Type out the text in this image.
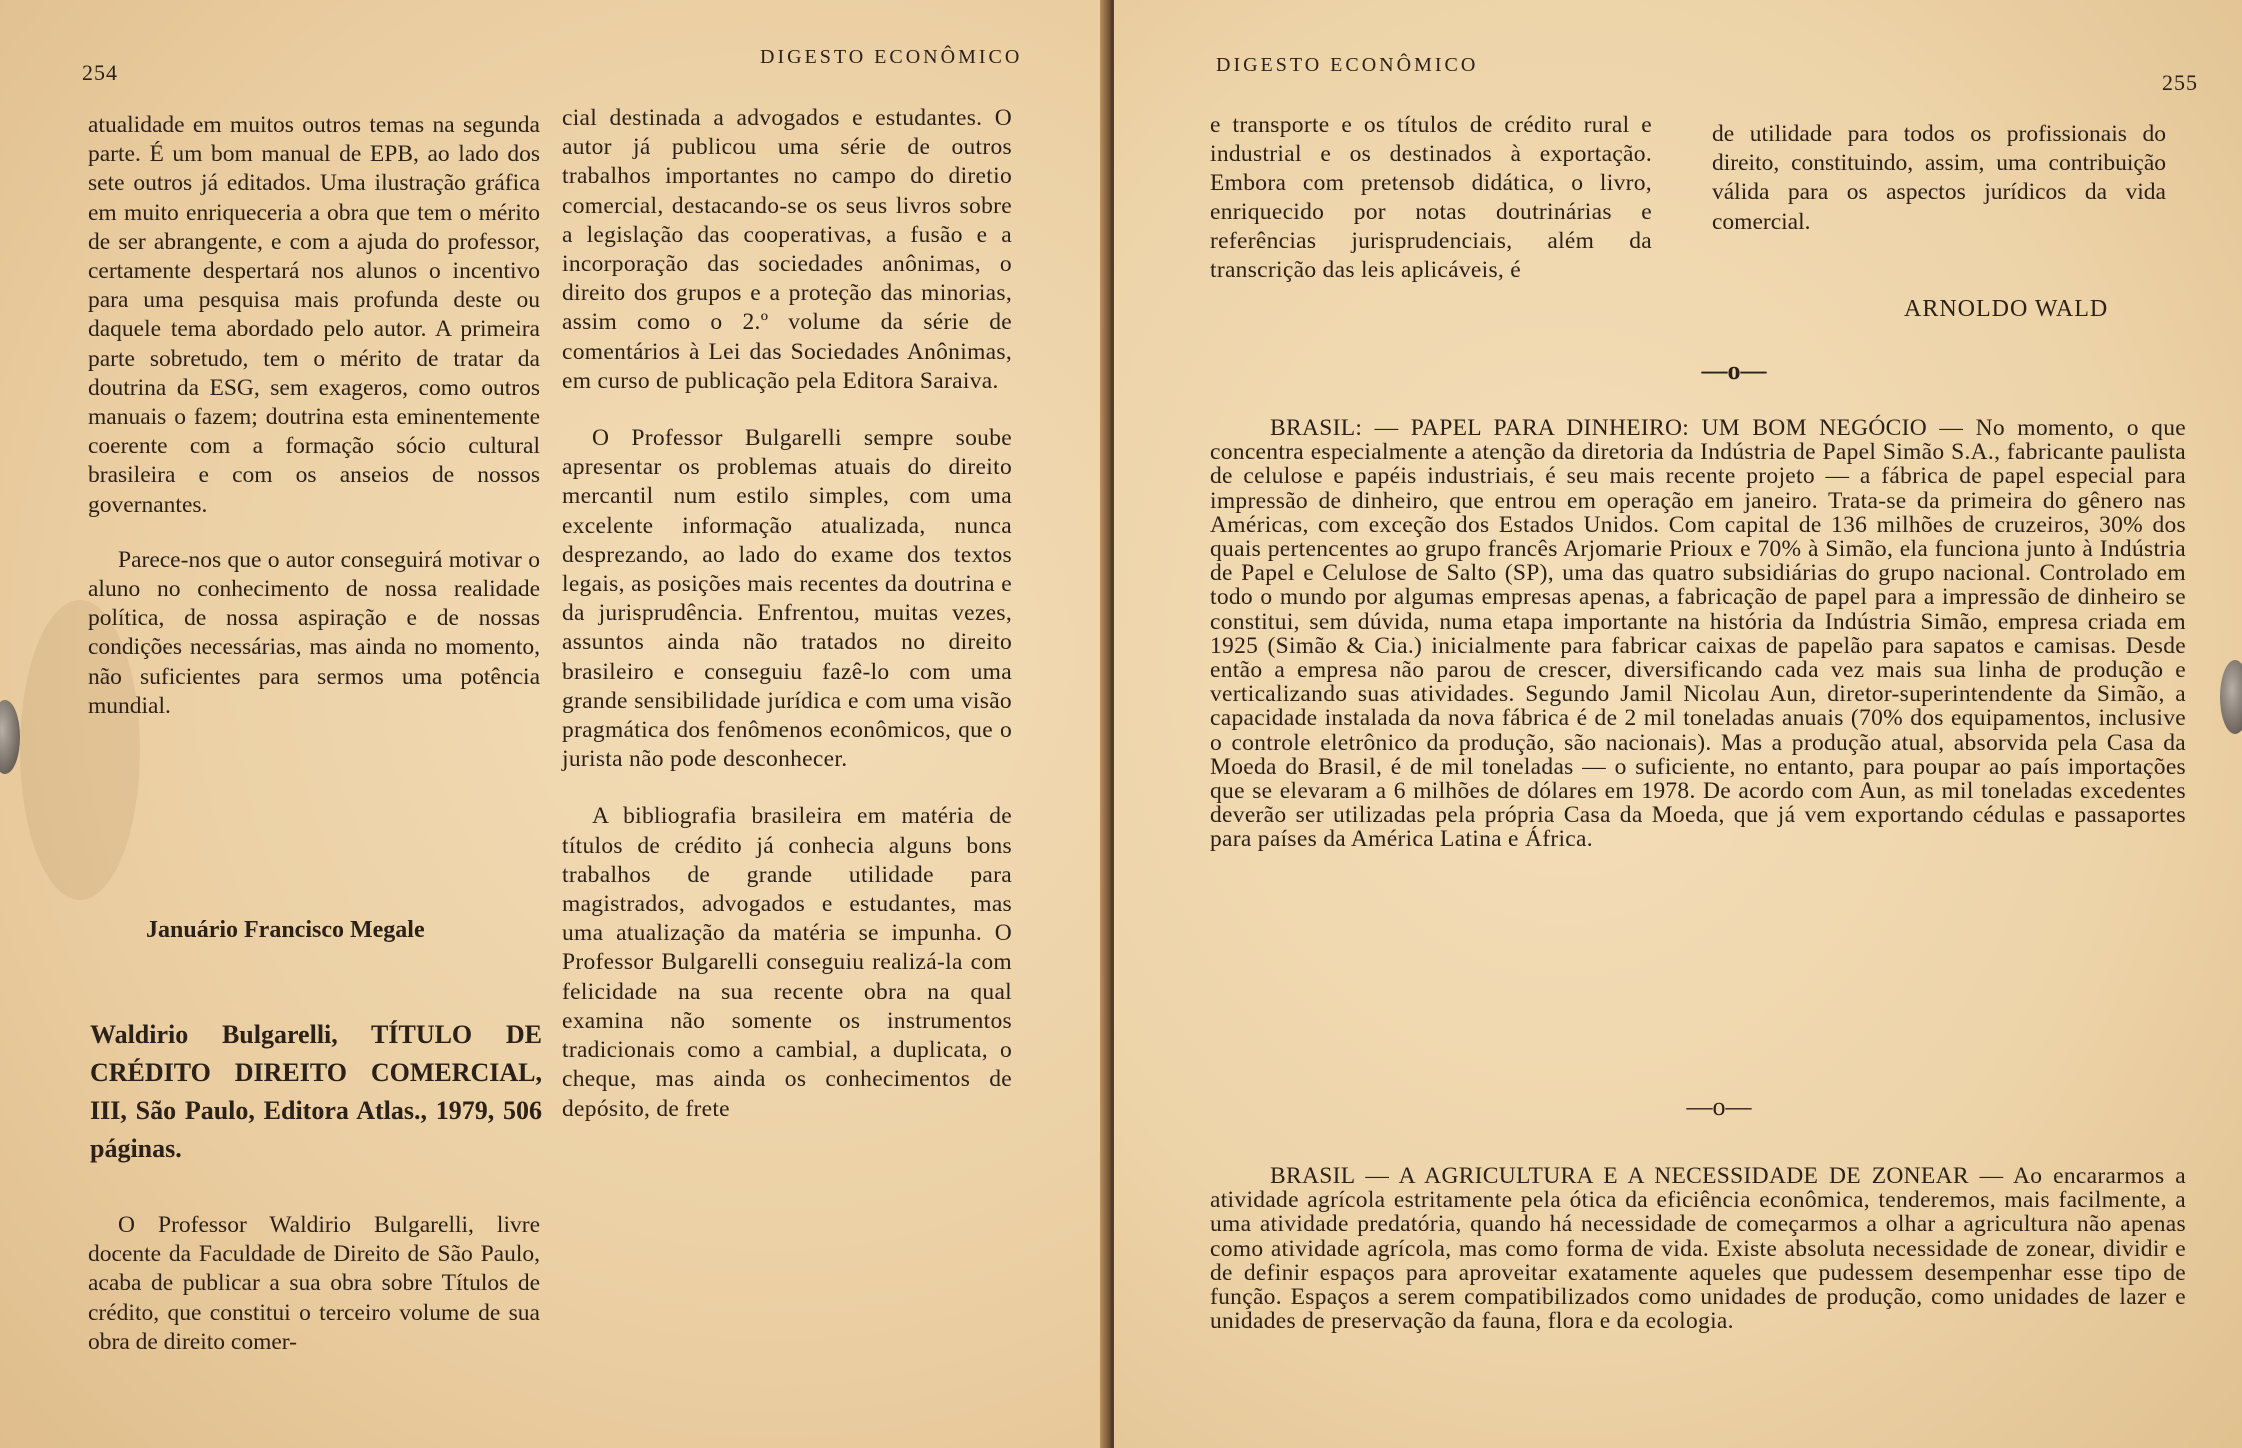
254
DIGESTO ECONÔMICO

atualidade em muitos outros temas na segunda parte. É um bom manual de EPB, ao lado dos sete outros já editados. Uma ilustração gráfica em muito enriqueceria a obra que tem o mérito de ser abrangente, e com a ajuda do professor, certamente despertará nos alunos o incentivo para uma pesquisa mais profunda deste ou daquele tema abordado pelo autor. A primeira parte sobretudo, tem o mérito de tratar da doutrina da ESG, sem exageros, como outros manuais o fazem; doutrina esta eminentemente coerente com a formação sócio cultural brasileira e com os anseios de nossos governantes.

Parece-nos que o autor conseguirá motivar o aluno no conhecimento de nossa realidade política, de nossa aspiração e de nossas condições necessárias, mas ainda no momento, não suficientes para sermos uma potência mundial.

Januário Francisco Megale
Waldirio Bulgarelli, TÍTULO DE CRÉDITO DIREITO COMERCIAL, III, São Paulo, Editora Atlas., 1979, 506 páginas.

O Professor Waldirio Bulgarelli, livre docente da Faculdade de Direito de São Paulo, acaba de publicar a sua obra sobre Títulos de crédito, que constitui o terceiro volume de sua obra de direito comer-

cial destinada a advogados e estudantes. O autor já publicou uma série de outros trabalhos importantes no campo do diretio comercial, destacando-se os seus livros sobre a legislação das cooperativas, a fusão e a incorporação das sociedades anônimas, o direito dos grupos e a proteção das minorias, assim como o 2.º volume da série de comentários à Lei das Sociedades Anônimas, em curso de publicação pela Editora Saraiva.

O Professor Bulgarelli sempre soube apresentar os problemas atuais do direito mercantil num estilo simples, com uma excelente informação atualizada, nunca desprezando, ao lado do exame dos textos legais, as posições mais recentes da doutrina e da jurisprudência. Enfrentou, muitas vezes, assuntos ainda não tratados no direito brasileiro e conseguiu fazê-lo com uma grande sensibilidade jurídica e com uma visão pragmática dos fenômenos econômicos, que o jurista não pode desconhecer.

A bibliografia brasileira em matéria de títulos de crédito já conhecia alguns bons trabalhos de grande utilidade para magistrados, advogados e estudantes, mas uma atualização da matéria se impunha. O Professor Bulgarelli conseguiu realizá-la com felicidade na sua recente obra na qual examina não somente os instrumentos tradicionais como a cambial, a duplicata, o cheque, mas ainda os conhecimentos de depósito, de frete

DIGESTO ECONÔMICO
255

e transporte e os títulos de crédito rural e industrial e os destinados à exportação. Embora com pretensob didática, o livro, enriquecido por notas doutrinárias e referências jurisprudenciais, além da transcrição das leis aplicáveis, é

de utilidade para todos os profissionais do direito, constituindo, assim, uma contribuição válida para os aspectos jurídicos da vida comercial.

ARNOLDO WALD
—o—

BRASIL: — PAPEL PARA DINHEIRO: UM BOM NEGÓCIO — No momento, o que concentra especialmente a atenção da diretoria da Indústria de Papel Simão S.A., fabricante paulista de celulose e papéis industriais, é seu mais recente projeto — a fábrica de papel especial para impressão de dinheiro, que entrou em operação em janeiro. Trata-se da primeira do gênero nas Américas, com exceção dos Estados Unidos. Com capital de 136 milhões de cruzeiros, 30% dos quais pertencentes ao grupo francês Arjomarie Prioux e 70% à Simão, ela funciona junto à Indústria de Papel e Celulose de Salto (SP), uma das quatro subsidiárias do grupo nacional. Controlado em todo o mundo por algumas empresas apenas, a fabricação de papel para a impressão de dinheiro se constitui, sem dúvida, numa etapa importante na história da Indústria Simão, empresa criada em 1925 (Simão & Cia.) inicialmente para fabricar caixas de papelão para sapatos e camisas. Desde então a empresa não parou de crescer, diversificando cada vez mais sua linha de produção e verticalizando suas atividades. Segundo Jamil Nicolau Aun, diretor-superintendente da Simão, a capacidade instalada da nova fábrica é de 2 mil toneladas anuais (70% dos equipamentos, inclusive o controle eletrônico da produção, são nacionais). Mas a produção atual, absorvida pela Casa da Moeda do Brasil, é de mil toneladas — o suficiente, no entanto, para poupar ao país importações que se elevaram a 6 milhões de dólares em 1978. De acordo com Aun, as mil toneladas excedentes deverão ser utilizadas pela própria Casa da Moeda, que já vem exportando cédulas e passaportes para países da América Latina e África.

—o—

BRASIL — A AGRICULTURA E A NECESSIDADE DE ZONEAR — Ao encararmos a atividade agrícola estritamente pela ótica da eficiência econômica, tenderemos, mais facilmente, a uma atividade predatória, quando há necessidade de começarmos a olhar a agricultura não apenas como atividade agrícola, mas como forma de vida. Existe absoluta necessidade de zonear, dividir e de definir espaços para aproveitar exatamente aqueles que pudessem desempenhar esse tipo de função. Espaços a serem compatibilizados como unidades de produção, como unidades de lazer e unidades de preservação da fauna, flora e da ecologia.
